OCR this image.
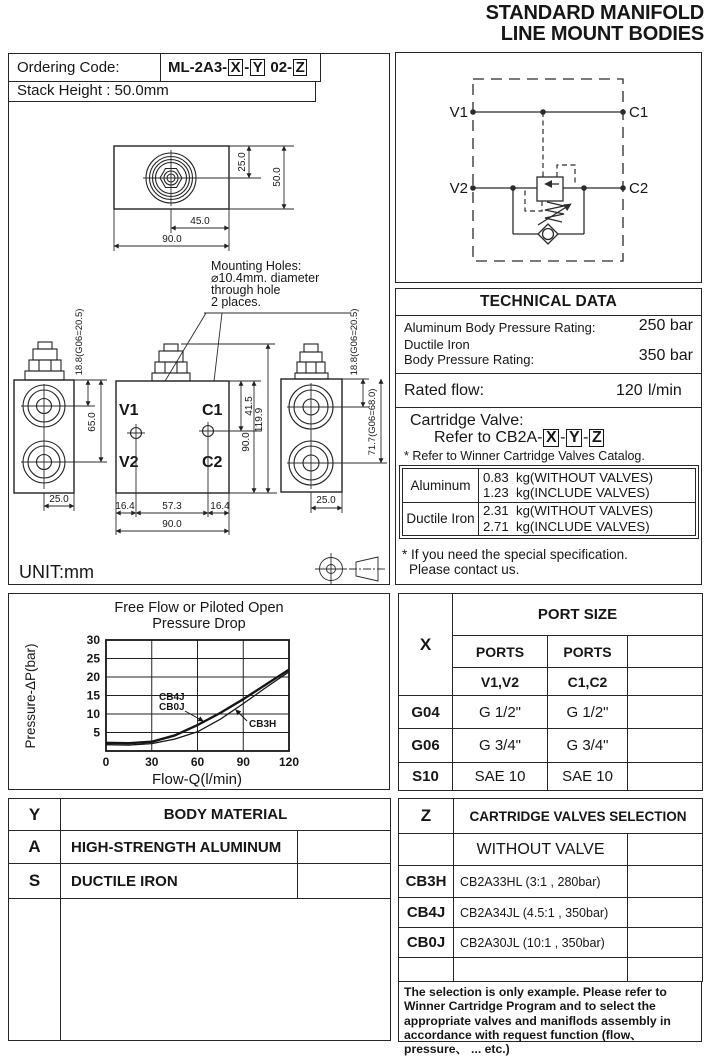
STANDARD MANIFOLD
LINE MOUNT BODIES
Ordering Code:	ML-2A3- X - Y 02- Z
Stack Height : 50.0mm
25.0
50.0
45.0
90.0
Mounting Holes:
⌀10.4mm. diameter
through hole
2 places.
V1	C1
V2	C2
41.5
90.0
119.9
16.4	57.3	16.4
90.0
18.8(G06=20.5)
65.0
25.0
18.8(G06=20.5)
71.7(G06=68.0)
25.0
UNIT:mm
V1	C1
V2	C2
TECHNICAL DATA
Aluminum Body Pressure Rating:	250 bar
Ductile Iron
Body Pressure Rating:	350 bar
Rated flow:	120 l/min
Cartridge Valve:
Refer to CB2A- X - Y - Z
* Refer to Winner Cartridge Valves Catalog.
Aluminum	0.83  kg(WITHOUT VALVES)
1.23  kg(INCLUDE VALVES)

Ductile Iron	2.31  kg(WITHOUT VALVES)
2.71  kg(INCLUDE VALVES)
* If you need the special specification.
Please contact us.
Free Flow or Piloted Open
Pressure Drop
5
10
15
20
25
30
0	30	60	90 120
CB4J
CB0J
CB3H
Flow-Q(l/min)
Pressure-ΔP(bar)	X	PORT SIZE		
	PORTS	PORTS	
	V1,V2	C1,C2	
G04	G 1/2"	G 1/2"	
G06	G 3/4"	G 3/4"	
S10	SAE 10	SAE 10	
Y	BODY MATERIAL	
A	HIGH-STRENGTH ALUMINUM	
S	DUCTILE IRON	

Z	CARTRIDGE VALVES SELECTION	
	WITHOUT VALVE	
CB3H	CB2A33HL (3:1 , 280bar)	
CB4J	CB2A34JL (4.5:1 , 350bar)	
CB0J	CB2A30JL (10:1 , 350bar)	

The selection is only example. Please refer to Winner Cartridge Program and to select the appropriate valves and maniflods assembly in accordance with request function (flow、pressure、 ... etc.)
